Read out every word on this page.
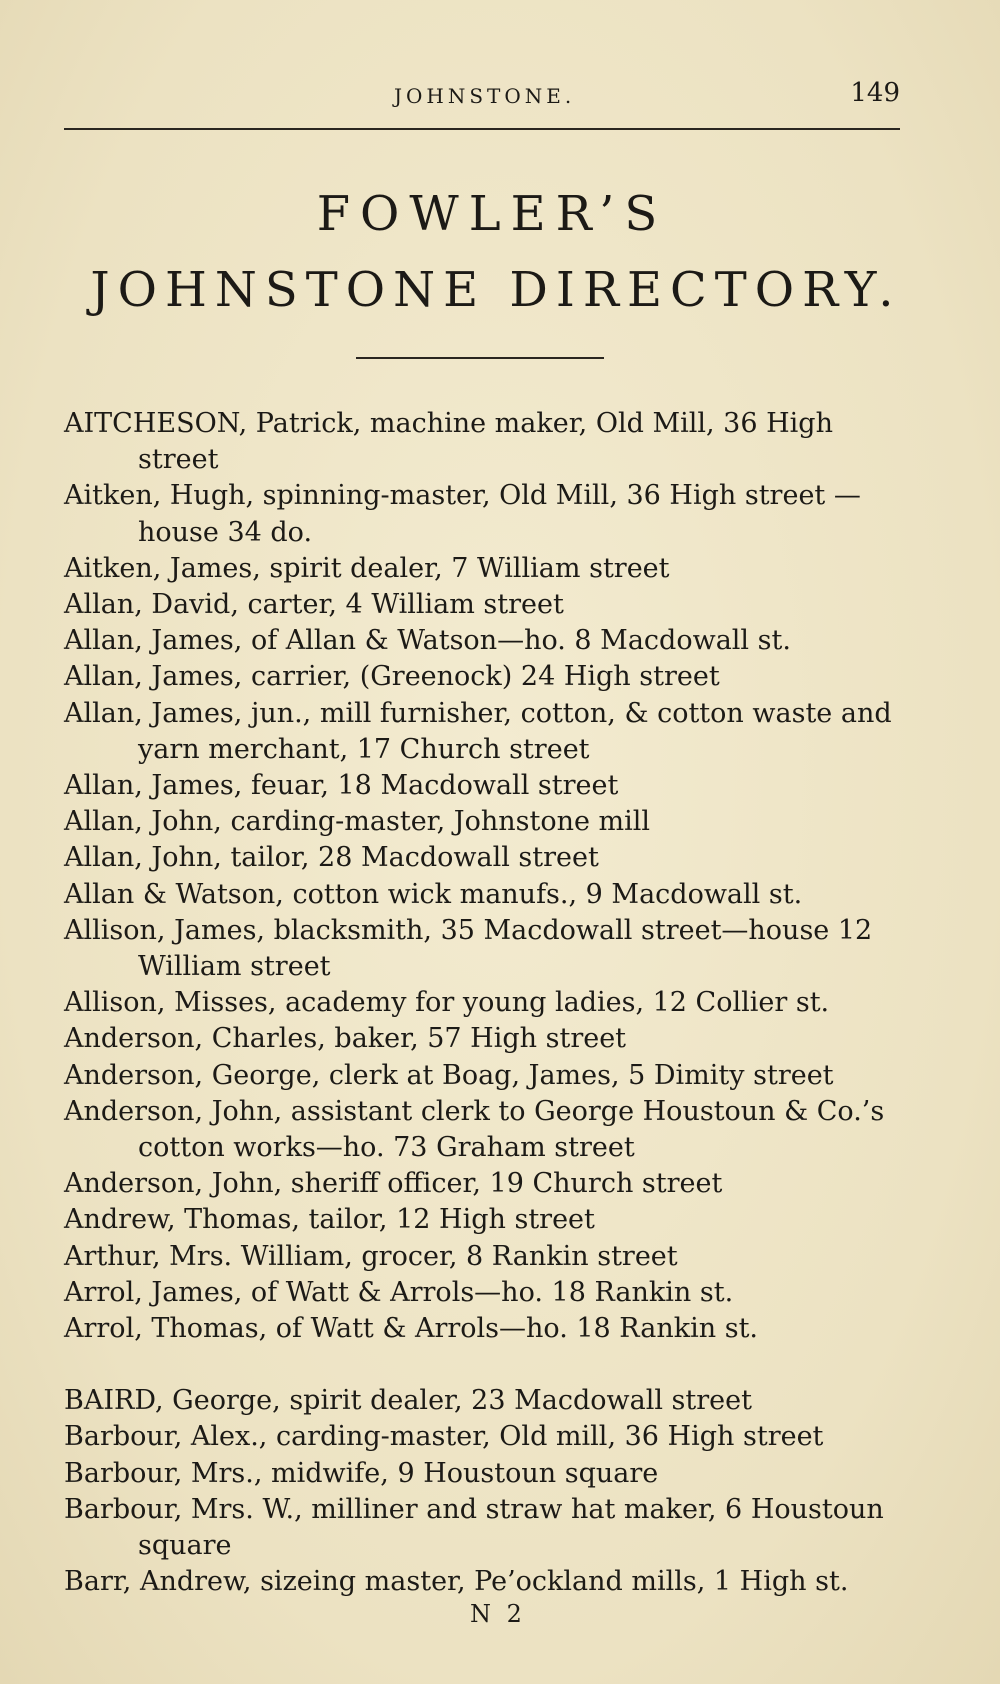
JOHNSTONE.	149
FOWLER’S
JOHNSTONE DIRECTORY.
AITCHESON, Patrick, machine maker, Old Mill, 36 High street
Aitken, Hugh, spinning-master, Old Mill, 36 High street —house 34 do.
Aitken, James, spirit dealer, 7 William street
Allan, David, carter, 4 William street
Allan, James, of Allan & Watson—ho. 8 Macdowall st.
Allan, James, carrier, (Greenock) 24 High street
Allan, James, jun., mill furnisher, cotton, & cotton waste and yarn merchant, 17 Church street
Allan, James, feuar, 18 Macdowall street
Allan, John, carding-master, Johnstone mill
Allan, John, tailor, 28 Macdowall street
Allan & Watson, cotton wick manufs., 9 Macdowall st.
Allison, James, blacksmith, 35 Macdowall street—house 12 William street
Allison, Misses, academy for young ladies, 12 Collier st.
Anderson, Charles, baker, 57 High street
Anderson, George, clerk at Boag, James, 5 Dimity street
Anderson, John, assistant clerk to George Houstoun & Co.’s cotton works—ho. 73 Graham street
Anderson, John, sheriff officer, 19 Church street
Andrew, Thomas, tailor, 12 High street
Arthur, Mrs. William, grocer, 8 Rankin street
Arrol, James, of Watt & Arrols—ho. 18 Rankin st.
Arrol, Thomas, of Watt & Arrols—ho. 18 Rankin st.
BAIRD, George, spirit dealer, 23 Macdowall street
Barbour, Alex., carding-master, Old mill, 36 High street
Barbour, Mrs., midwife, 9 Houstoun square
Barbour, Mrs. W., milliner and straw hat maker, 6 Houstoun square
Barr, Andrew, sizeing master, Pe’ockland mills, 1 High st.
N 2
